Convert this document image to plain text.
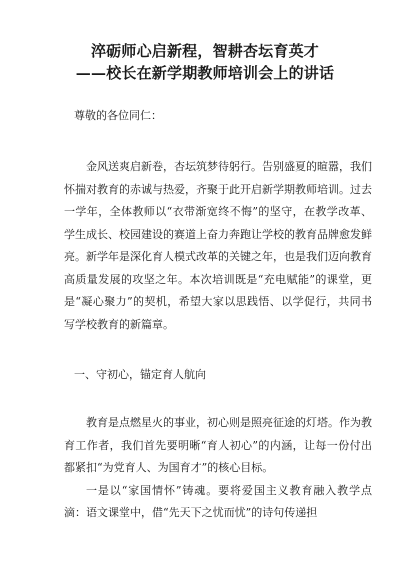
淬砺师心启新程，智耕杏坛育英才

——校长在新学期教师培训会上的讲话

尊敬的各位同仁：

金风送爽启新卷，杏坛筑梦待躬行。告别盛夏的暄嚣，我们怀揣对教育的赤诚与热爱，齐聚于此开启新学期教师培训。过去一学年，全体教师以“衣带渐宽终不悔”的坚守，在教学改革、学生成长、校园建设的赛道上奋力奔跑让学校的教育品牌愈发鲜亮。新学年是深化育人模式改革的关键之年，也是我们迈向教育高质量发展的攻坚之年。本次培训既是“充电赋能”的课堂，更是“凝心聚力”的契机，希望大家以思践悟、以学促行，共同书写学校教育的新篇章。

一、守初心，锚定育人航向

教育是点燃星火的事业，初心则是照亮征途的灯塔。作为教育工作者，我们首先要明晰“育人初心”的内涵，让每一份付出都紧扣“为党育人、为国育才”的核心目标。

一是以“家国情怀”铸魂。要将爱国主义教育融入教学点滴：语文课堂中，借“先天下之忧而忧”的诗句传递担
